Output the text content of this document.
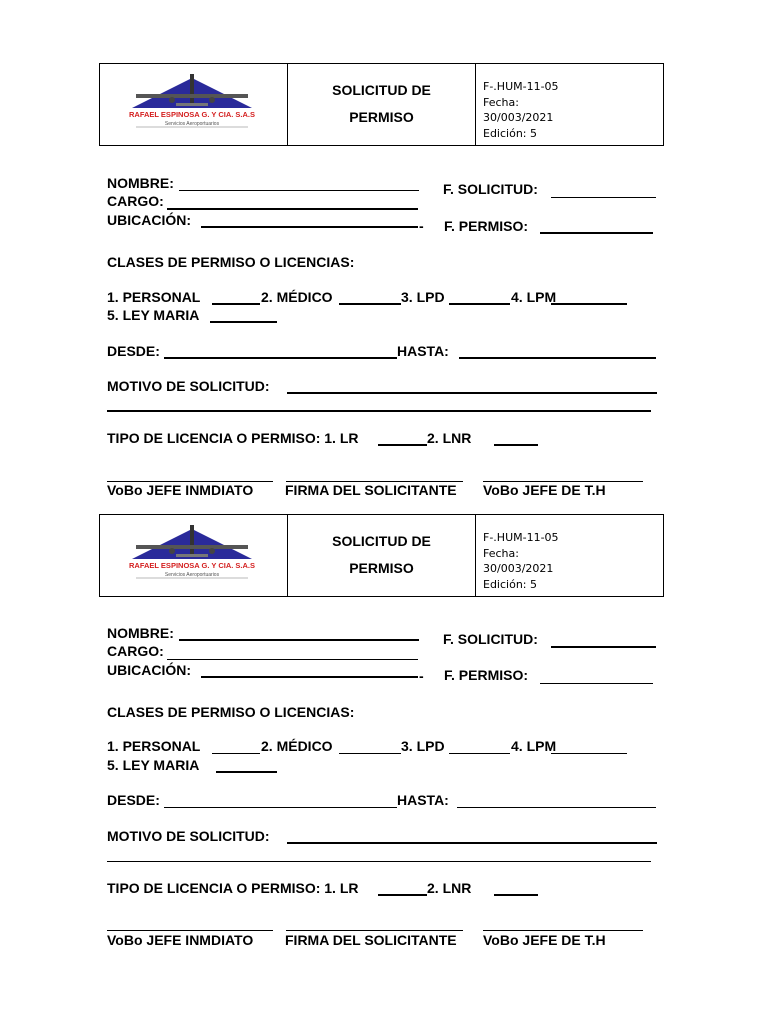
RAFAEL ESPINOSA G. Y CIA. S.A.S
Servicios Aeroportuarios
SOLICITUD DE
PERMISO
F-.HUM-11-05
Fecha:
30/003/2021
Edición: 5
NOMBRE:
CARGO:
UBICACIÓN:	-
F. SOLICITUD:
F. PERMISO:
CLASES DE PERMISO O LICENCIAS:
1. PERSONAL	2. MÉDICO	3. LPD	4. LPM
5. LEY MARIA
DESDE:	HASTA:
MOTIVO DE SOLICITUD:
TIPO DE LICENCIA O PERMISO: 1. LR	2. LNR
VoBo JEFE INMDIATO FIRMA DEL SOLICITANTE VoBo JEFE DE T.H
RAFAEL ESPINOSA G. Y CIA. S.A.S
Servicios Aeroportuarios
SOLICITUD DE
PERMISO
F-.HUM-11-05
Fecha:
30/003/2021
Edición: 5
NOMBRE:
CARGO:
UBICACIÓN:	-
F. SOLICITUD:
F. PERMISO:
CLASES DE PERMISO O LICENCIAS:
1. PERSONAL	2. MÉDICO	3. LPD	4. LPM
5. LEY MARIA
DESDE:	HASTA:
MOTIVO DE SOLICITUD:
TIPO DE LICENCIA O PERMISO: 1. LR	2. LNR
VoBo JEFE INMDIATO FIRMA DEL SOLICITANTE VoBo JEFE DE T.H
